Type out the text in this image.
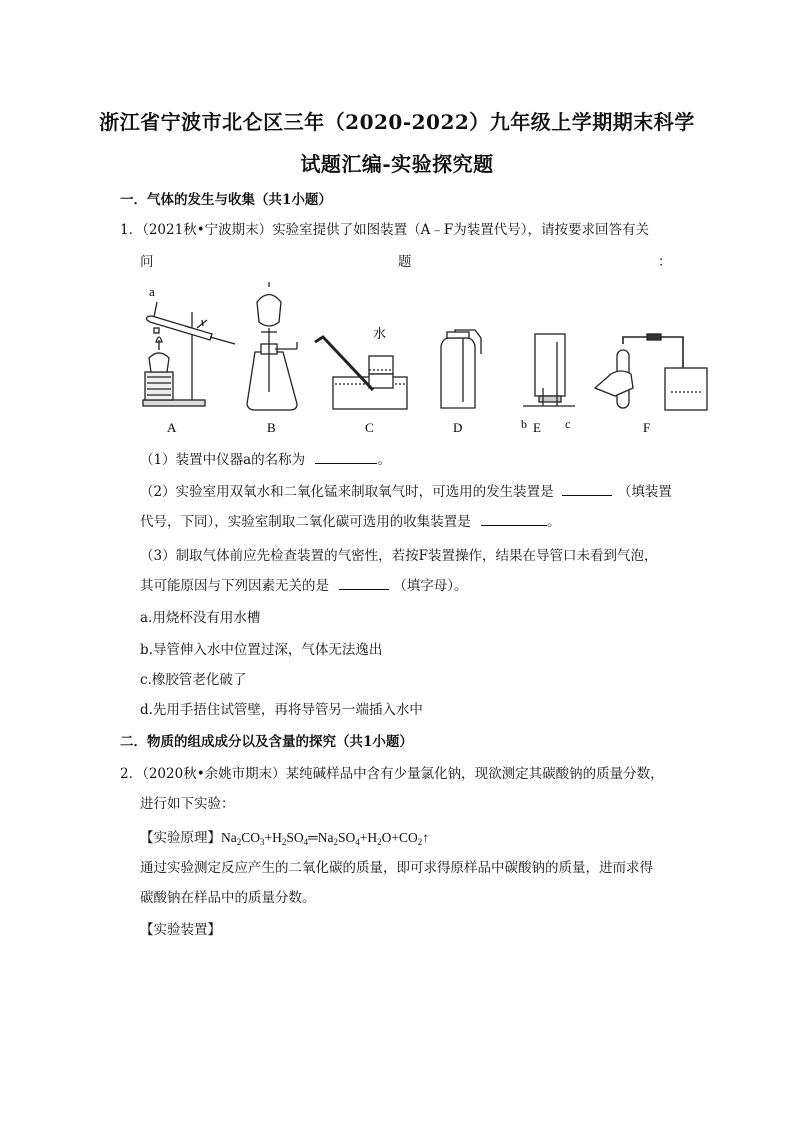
浙江省宁波市北仑区三年（2020-2022）九年级上学期期末科学
试题汇编-实验探究题
一．气体的发生与收集（共1小题）
1．（2021秋•宁波期末）实验室提供了如图装置（A﹣F为装置代号），请按要求回答有关
问	题	：
a
水
b	c
A	B	C	D	E	F
（1）装置中仪器a的名称为	。
（2）实验室用双氧水和二氧化锰来制取氧气时，可选用的发生装置是	（填装置
代号，下同），实验室制取二氧化碳可选用的收集装置是	。
（3）制取气体前应先检查装置的气密性，若按F装置操作，结果在导管口未看到气泡，
其可能原因与下列因素无关的是	（填字母）。
a.用烧杯没有用水槽
b.导管伸入水中位置过深，气体无法逸出
c.橡胶管老化破了
d.先用手捂住试管壁，再将导管另一端插入水中
二．物质的组成成分以及含量的探究（共1小题）
2．（2020秋•余姚市期末）某纯碱样品中含有少量氯化钠，现欲测定其碳酸钠的质量分数，
进行如下实验：
【实验原理】$Na_2CO_3+H_2SO_4═Na_2SO_4+H_2O+CO_2↑$
通过实验测定反应产生的二氧化碳的质量，即可求得原样品中碳酸钠的质量，进而求得
碳酸钠在样品中的质量分数。
【实验装置】
